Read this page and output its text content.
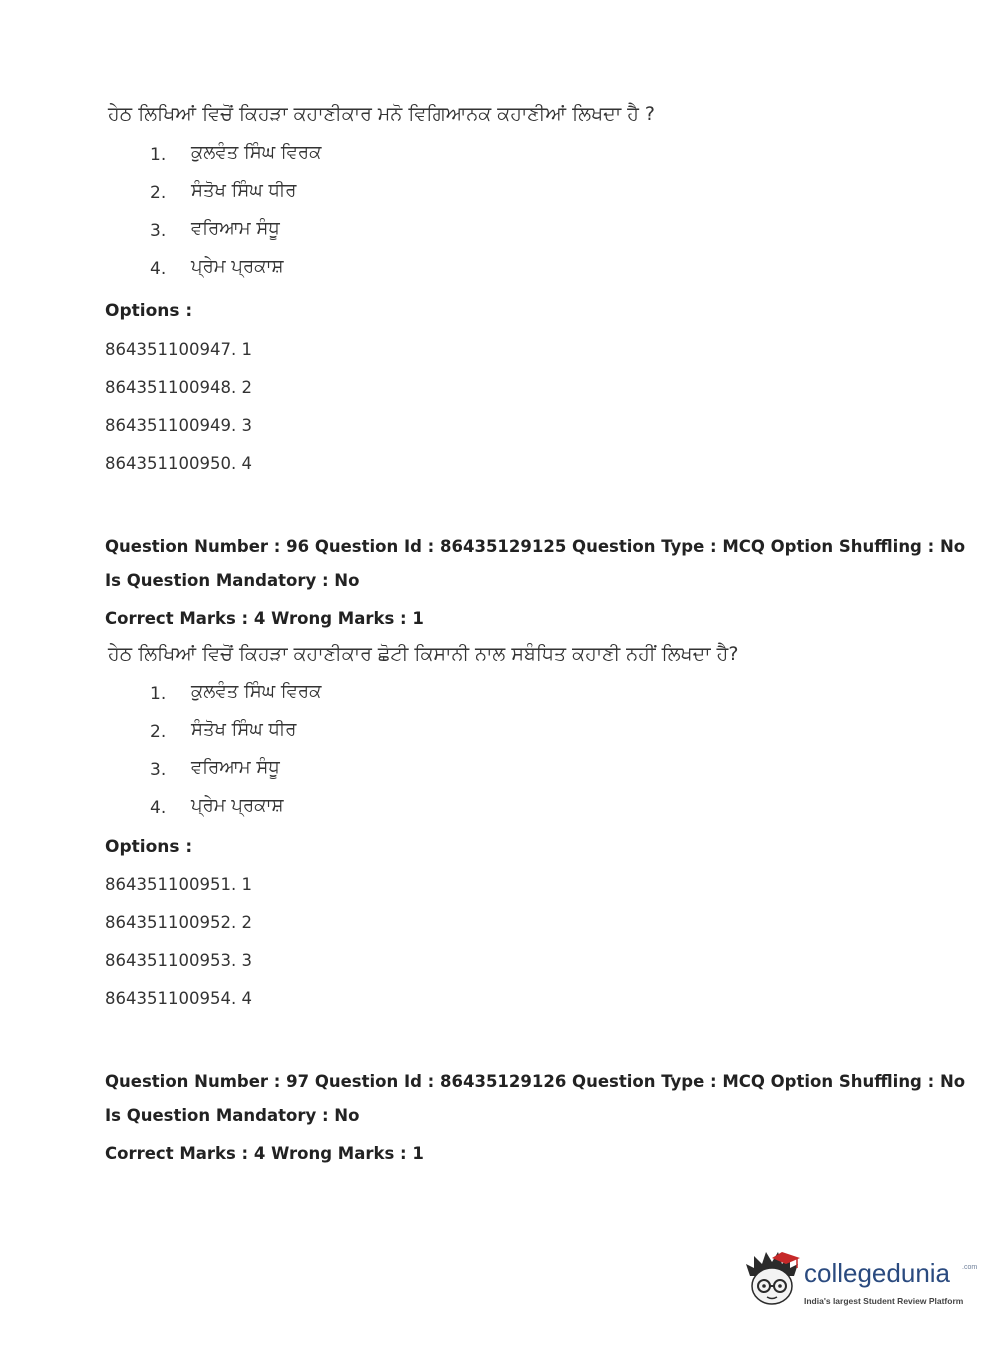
ਹੇਠ ਲਿਖਿਆਂ ਵਿਚੋਂ ਕਿਹੜਾ ਕਹਾਣੀਕਾਰ ਮਨੋ ਵਿਗਿਆਨਕ ਕਹਾਣੀਆਂ ਲਿਖਦਾ ਹੈ ?
1. ਕੁਲਵੰਤ ਸਿੰਘ ਵਿਰਕ
2. ਸੰਤੋਖ ਸਿੰਘ ਧੀਰ
3. ਵਰਿਆਮ ਸੰਧੂ
4. ਪ੍ਰੇਮ ਪ੍ਰਕਾਸ਼
Options :
864351100947. 1
864351100948. 2
864351100949. 3
864351100950. 4
Question Number : 96 Question Id : 86435129125 Question Type : MCQ Option Shuffling : No
Is Question Mandatory : No
Correct Marks : 4 Wrong Marks : 1
ਹੇਠ ਲਿਖਿਆਂ ਵਿਚੋਂ ਕਿਹੜਾ ਕਹਾਣੀਕਾਰ ਛੋਟੀ ਕਿਸਾਨੀ ਨਾਲ ਸਬੰਧਿਤ ਕਹਾਣੀ ਨਹੀਂ ਲਿਖਦਾ ਹੈ?
1. ਕੁਲਵੰਤ ਸਿੰਘ ਵਿਰਕ
2. ਸੰਤੋਖ ਸਿੰਘ ਧੀਰ
3. ਵਰਿਆਮ ਸੰਧੂ
4. ਪ੍ਰੇਮ ਪ੍ਰਕਾਸ਼
Options :
864351100951. 1
864351100952. 2
864351100953. 3
864351100954. 4
Question Number : 97 Question Id : 86435129126 Question Type : MCQ Option Shuffling : No
Is Question Mandatory : No
Correct Marks : 4 Wrong Marks : 1
collegedunia .com
India's largest Student Review Platform
